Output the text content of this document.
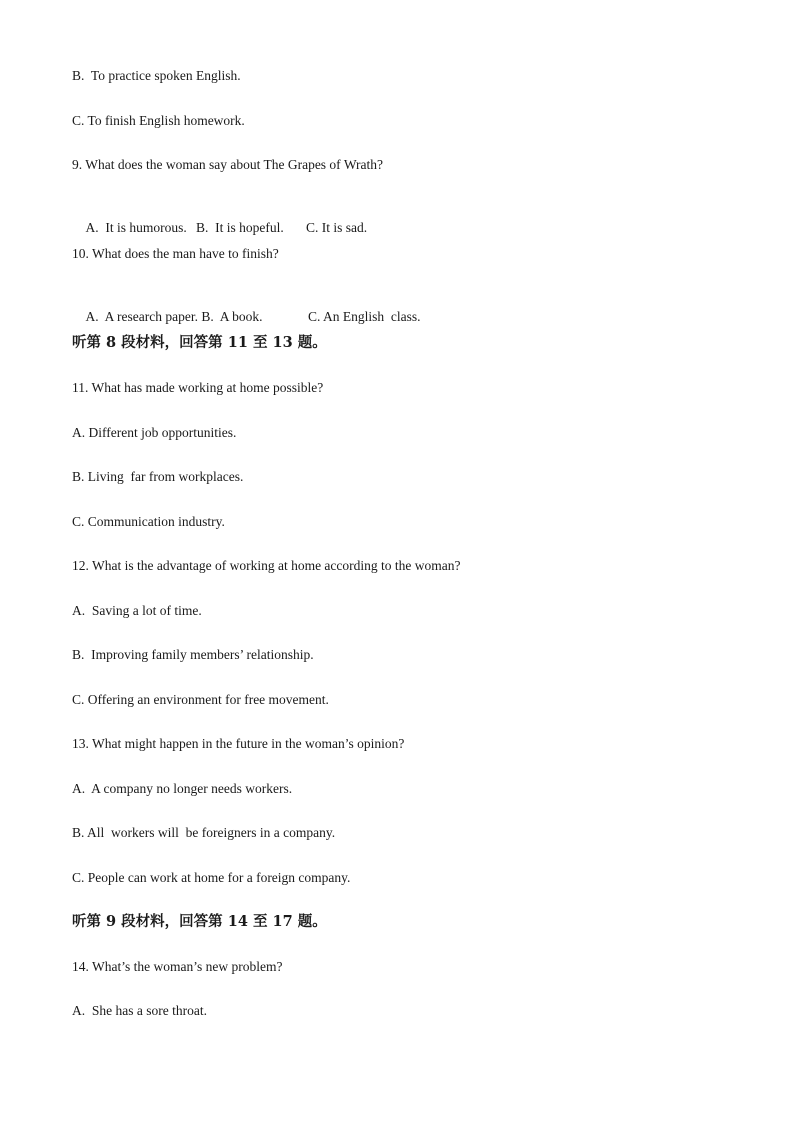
B.  To practice spoken English.
C. To finish English homework.
9. What does the woman say about The Grapes of Wrath?

A.  It is humorous. B.  It is hopeful. C. It is sad.

10. What does the man have to finish?

A.  A research paper. B.  A book.	C. An English  class.

听第 8 段材料，回答第 11 至 13 题。
11. What has made working at home possible?
A. Different job opportunities.
B. Living  far from workplaces.
C. Communication industry.
12. What is the advantage of working at home according to the woman?
A.  Saving a lot of time.
B.  Improving family members’ relationship.
C. Offering an environment for free movement.
13. What might happen in the future in the woman’s opinion?
A.  A company no longer needs workers.
B. All  workers will  be foreigners in a company.
C. People can work at home for a foreign company.
听第 9 段材料，回答第 14 至 17 题。
14. What’s the woman’s new problem?
A.  She has a sore throat.
